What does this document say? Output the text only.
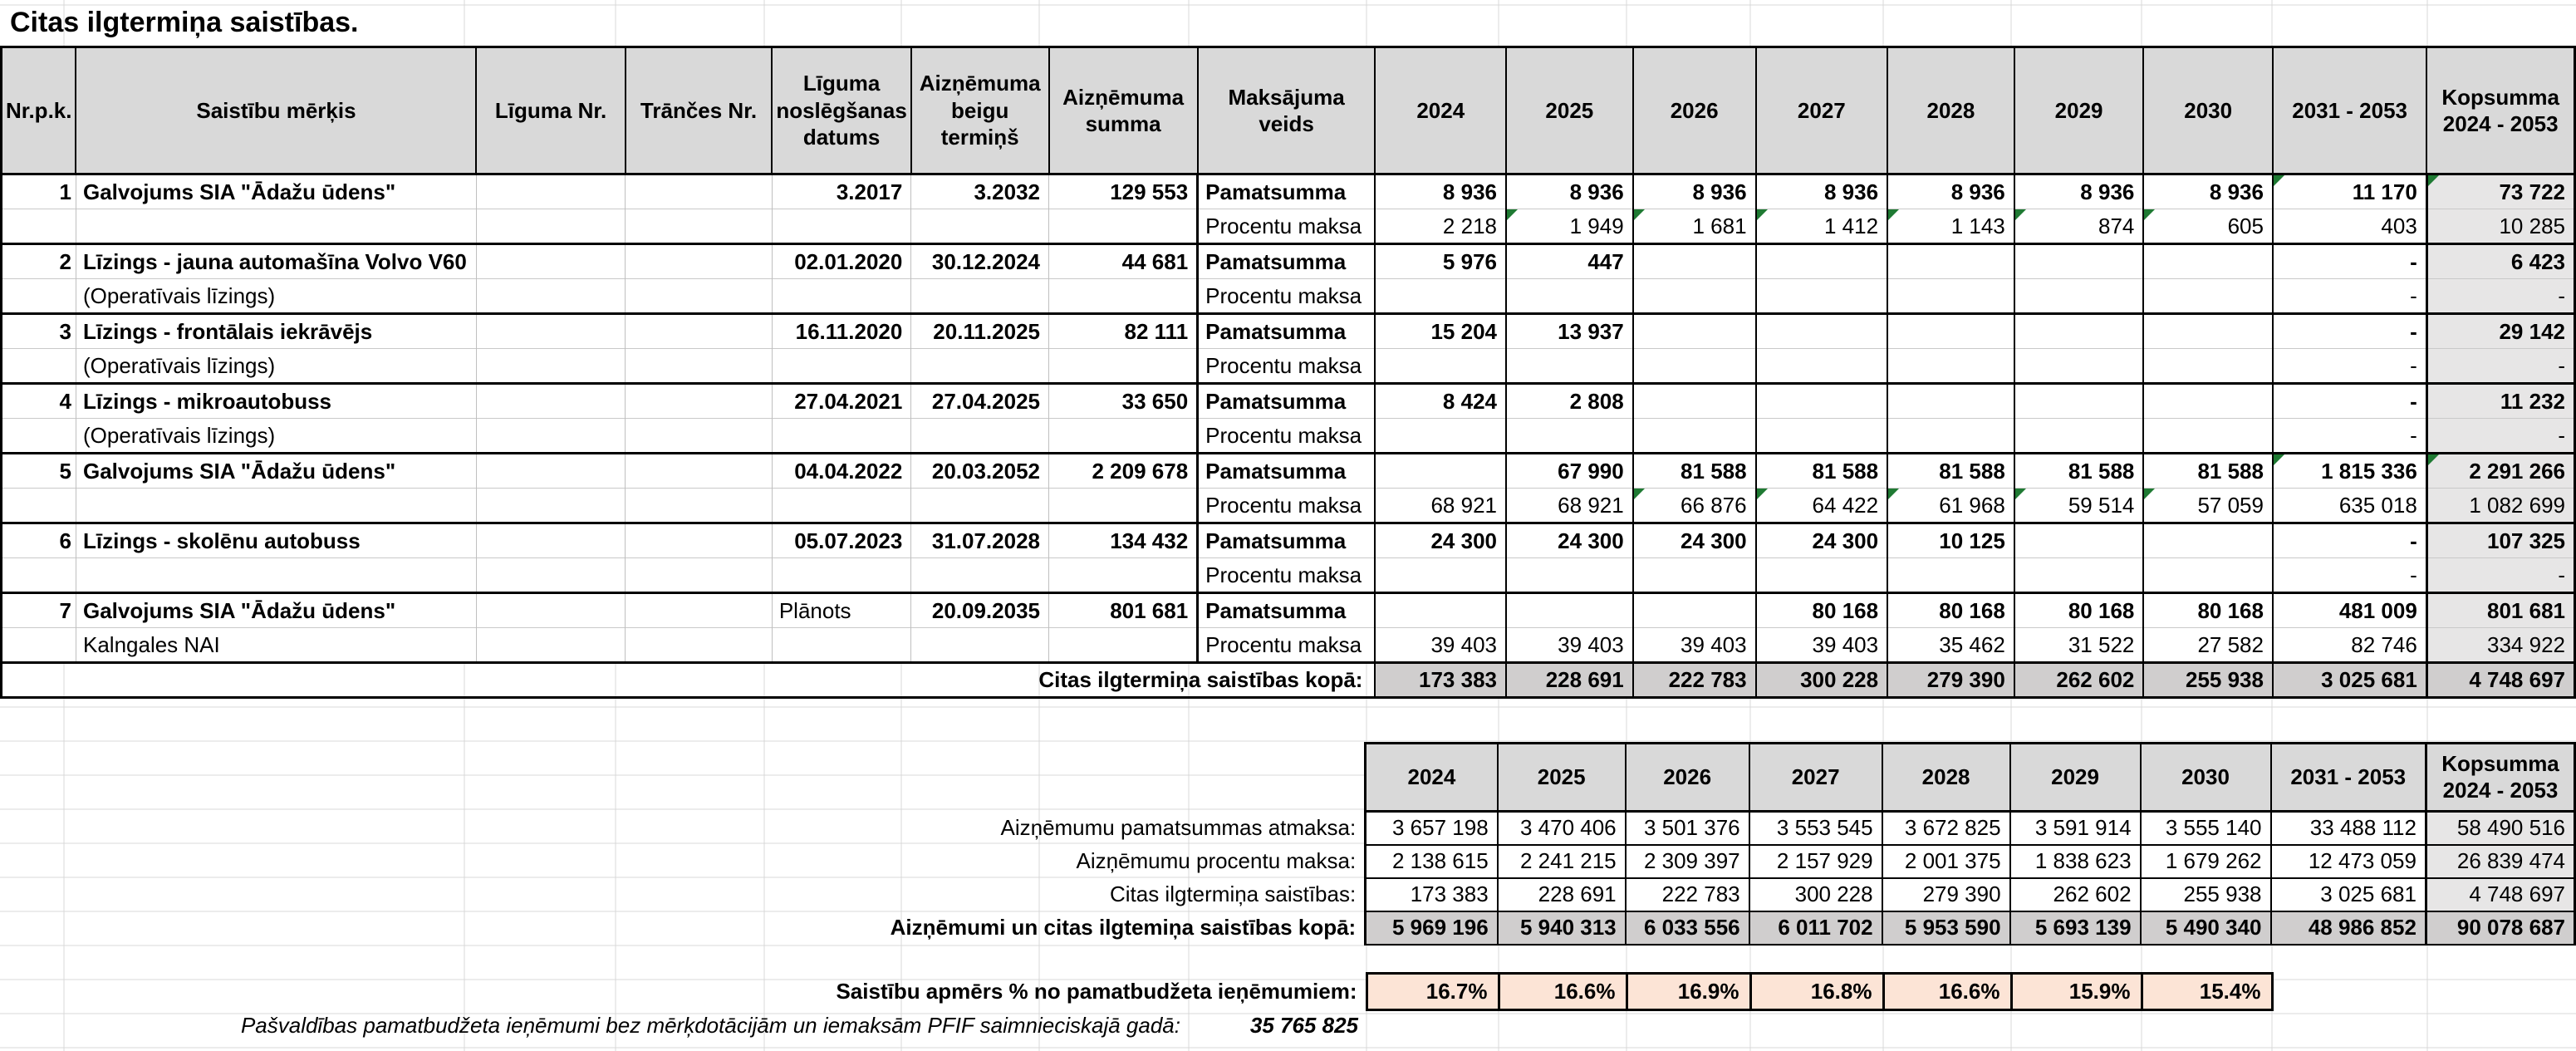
Citas ilgtermiņa saistības.
Nr.p.k.	Saistību mērķis	Līguma Nr.	Trānčes Nr.	Līguma noslēgšanas datums	Aizņēmuma beigu termiņš	Aizņēmuma summa	Maksājuma veids	2024	2025	2026	2027	2028	2029	2030	2031 - 2053	Kopsumma
2024 - 2053

1	Galvojums SIA "Ādažu ūdens"			3.2017	3.2032	129 553	Pamatsumma	8 936	8 936	8 936	8 936	8 936	8 936	8 936	11 170	73 722
							Procentu maksa	2 218	1 949	1 681	1 412	1 143	874	605	403	10 285
2	Līzings - jauna automašīna Volvo V60			02.01.2020	30.12.2024	44 681	Pamatsumma	5 976	447						-	6 423
	(Operatīvais līzings)						Procentu maksa								-	-
3	Līzings - frontālais iekrāvējs			16.11.2020	20.11.2025	82 111	Pamatsumma	15 204	13 937						-	29 142
	(Operatīvais līzings)						Procentu maksa								-	-
4	Līzings - mikroautobuss			27.04.2021	27.04.2025	33 650	Pamatsumma	8 424	2 808						-	11 232
	(Operatīvais līzings)						Procentu maksa								-	-
5	Galvojums SIA "Ādažu ūdens"			04.04.2022	20.03.2052	2 209 678	Pamatsumma		67 990	81 588	81 588	81 588	81 588	81 588	1 815 336	2 291 266
							Procentu maksa	68 921	68 921	66 876	64 422	61 968	59 514	57 059	635 018	1 082 699
6	Līzings - skolēnu autobuss			05.07.2023	31.07.2028	134 432	Pamatsumma	24 300	24 300	24 300	24 300	10 125			-	107 325
							Procentu maksa								-	-
7	Galvojums SIA "Ādažu ūdens"			Plānots	20.09.2035	801 681	Pamatsumma				80 168	80 168	80 168	80 168	481 009	801 681
	Kalngales NAI						Procentu maksa	39 403	39 403	39 403	39 403	35 462	31 522	27 582	82 746	334 922
Citas ilgtermiņa saistības kopā:								173 383	228 691	222 783	300 228	279 390	262 602	255 938	3 025 681	4 748 697
	2024	2025	2026	2027	2028	2029	2030	2031 - 2053	Kopsumma
2024 - 2053

Aizņēmumu pamatsummas atmaksa:	3 657 198	3 470 406	3 501 376	3 553 545	3 672 825	3 591 914	3 555 140	33 488 112	58 490 516
Aizņēmumu procentu maksa:	2 138 615	2 241 215	2 309 397	2 157 929	2 001 375	1 838 623	1 679 262	12 473 059	26 839 474
Citas ilgtermiņa saistības:	173 383	228 691	222 783	300 228	279 390	262 602	255 938	3 025 681	4 748 697
Aizņēmumi un citas ilgtemiņa saistības kopā:	5 969 196	5 940 313	6 033 556	6 011 702	5 953 590	5 693 139	5 490 340	48 986 852	90 078 687
Saistību apmērs % no pamatbudžeta ieņēmumiem:	16.7%	16.6%	16.9%	16.8%	16.6%	15.9%	15.4%		
Pašvaldības pamatbudžeta ieņēmumi bez mērķdotācijām un iemaksām PFIF saimnieciskajā gadā:	35 765 825	
